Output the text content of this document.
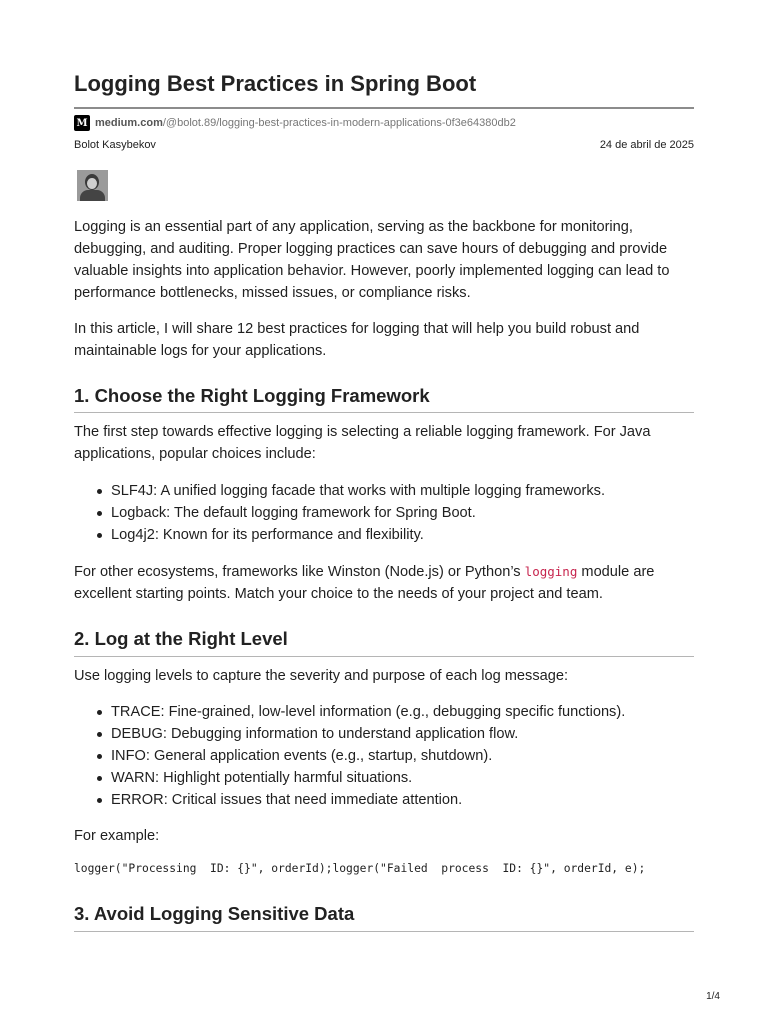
Logging Best Practices in Spring Boot
M medium.com /@bolot.89/logging-best-practices-in-modern-applications-0f3e64380db2
Bolot Kasybekov	24 de abril de 2025

Logging is an essential part of any application, serving as the backbone for monitoring, debugging, and auditing. Proper logging practices can save hours of debugging and provide valuable insights into application behavior. However, poorly implemented logging can lead to performance bottlenecks, missed issues, or compliance risks.

In this article, I will share 12 best practices for logging that will help you build robust and maintainable logs for your applications.

1. Choose the Right Logging Framework

The first step towards effective logging is selecting a reliable logging framework. For Java applications, popular choices include:

SLF4J: A unified logging facade that works with multiple logging frameworks.
Logback: The default logging framework for Spring Boot.
Log4j2: Known for its performance and flexibility.

For other ecosystems, frameworks like Winston (Node.js) or Python’s logging module are excellent starting points. Match your choice to the needs of your project and team.

2. Log at the Right Level

Use logging levels to capture the severity and purpose of each log message:

TRACE: Fine-grained, low-level information (e.g., debugging specific functions).
DEBUG: Debugging information to understand application flow.
INFO: General application events (e.g., startup, shutdown).
WARN: Highlight potentially harmful situations.
ERROR: Critical issues that need immediate attention.

For example:

logger("Processing  ID: {}", orderId);logger("Failed  process  ID: {}", orderId, e);
3. Avoid Logging Sensitive Data
1/4
